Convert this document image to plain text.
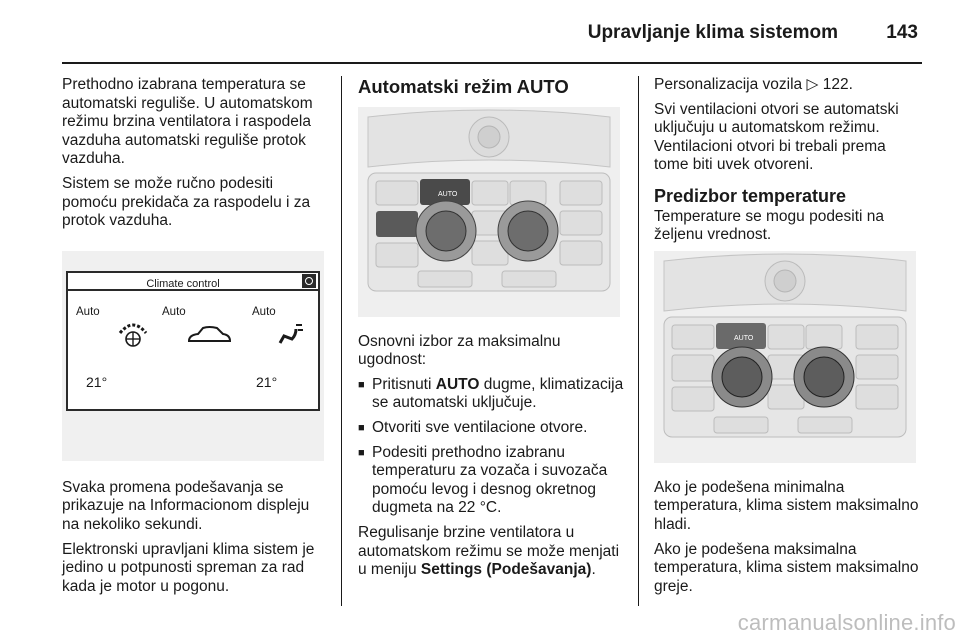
Upravljanje klima sistemom	143

Prethodno izabrana temperatura se automatski reguliše. U automatskom režimu brzina ventilatora i raspodela vazduha automatski reguliše protok vazduha.

Sistem se može ručno podesiti pomoću prekidača za raspodelu i za protok vazduha.

Climate control
Auto	Auto	Auto
21°	21°

Svaka promena podešavanja se prikazuje na Informacionom displeju na nekoliko sekundi.

Elektronski upravljani klima sistem je jedino u potpunosti spreman za rad kada je motor u pogonu.

Automatski režim AUTO
AUTO

Osnovni izbor za maksimalnu ugodnost:

■ Pritisnuti AUTO dugme, klimatizacija se automatski uključuje.
■ Otvoriti sve ventilacione otvore.
■ Podesiti prethodno izabranu temperaturu za vozača i suvozača pomoću levog i desnog okretnog dugmeta na 22 °C.

Regulisanje brzine ventilatora u automatskom režimu se može menjati u meniju Settings (Podešavanja).

Personalizacija vozila ▷ 122.

Svi ventilacioni otvori se automatski uključuju u automatskom režimu. Ventilacioni otvori bi trebali prema tome biti uvek otvoreni.

Predizbor temperature

Temperature se mogu podesiti na željenu vrednost.

AUTO

Ako je podešena minimalna temperatura, klima sistem maksimalno hladi.

Ako je podešena maksimalna temperatura, klima sistem maksimalno greje.

carmanualsonline.info
